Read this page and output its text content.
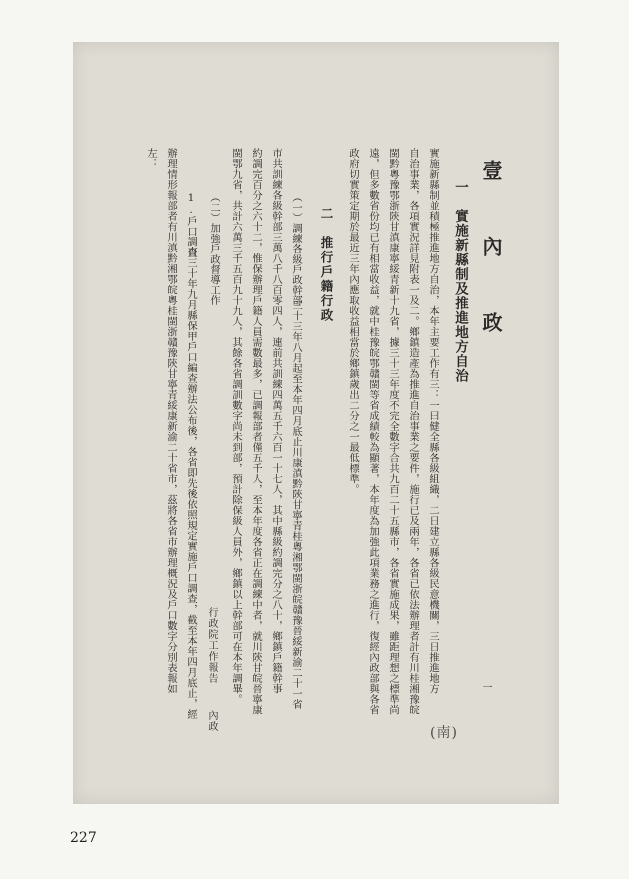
壹　內　政
一　實施新縣制及推進地方自治
實施新縣制並積極推進地方自治，本年主要工作有三：一曰健全縣各級組織，二日建立縣各級民意機關，三日推進地方
自治事業，各項實況詳見附表一及二。鄉鎮造產為推進自治事業之要件，施行已及兩年，各省已依法辦理者計有川桂湘豫皖
閩黔粵豫鄂浙陝甘滇康寧綏青新十九省，據三十三年度不完全數字合共九百二十五縣市，各省實施成果，雖距理想之標準尚
遠，但多數省份均已有相當收益，就中桂豫皖鄂贛閩等省成績較為顯著，本年度為加強此項業務之進行，復經內政部與各省
政府切實策定期於最近三年內應取收益相當於鄉鎮歲出二分之一最低標準。
二　推行戶籍行政
（一）調練各級戶政幹部
三十三年八月起至本年四月底止川康滇黔陝甘寧青桂粵湘鄂閩浙皖贛豫晉綏新渝二十一省
市共訓練各級幹部三萬八千八百零四人，連前共訓練四萬五千六百一十七人，其中縣級約調完分之八十，鄉鎮戶籍幹事
約調完百分之六十二，惟保辦理戶籍人員需數最多，已調報部者僅五千人，至本年度各省正在調練中者，就川陝甘皖晉寧康
閩鄂九省，共計六萬三千五百九十九人，其餘各省調訓數字尚未到部，預計除保級人員外，鄉鎮以上幹部可在本年調畢。
（二）加強戶政督導工作
1.戶口調查
自三十年九月縣保甲戶口編查辦法公布後，各省即先後依照規定實施戶口調查，截至本年四月底止，經
辦理情形報部者有川滇黔湘鄂皖粵桂閩浙贛豫陝甘寧青綏康新渝二十省市，茲將各省市辦理概況及戶口數字分別表報如
左：
行政院工作報告
內政
一
(南)
227
